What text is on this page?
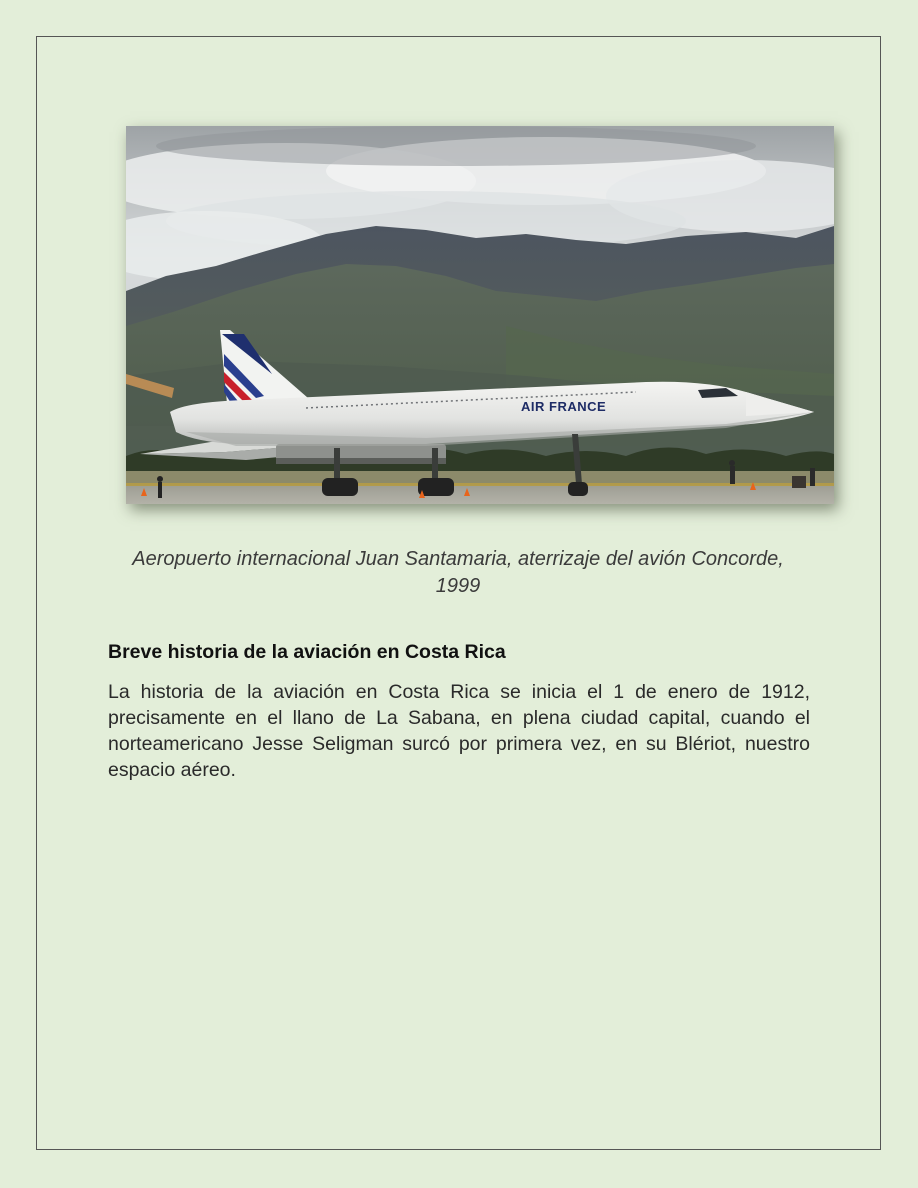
AIR FRANCE
Aeropuerto internacional Juan Santamaria, aterrizaje del avión Concorde, 1999
Breve historia de la aviación en Costa Rica
La historia de la aviación en Costa Rica se inicia el 1 de enero de 1912, precisamente en el llano de La Sabana, en plena ciudad capital, cuando el norteamericano Jesse Seligman surcó por primera vez, en su Blériot, nuestro espacio aéreo.
